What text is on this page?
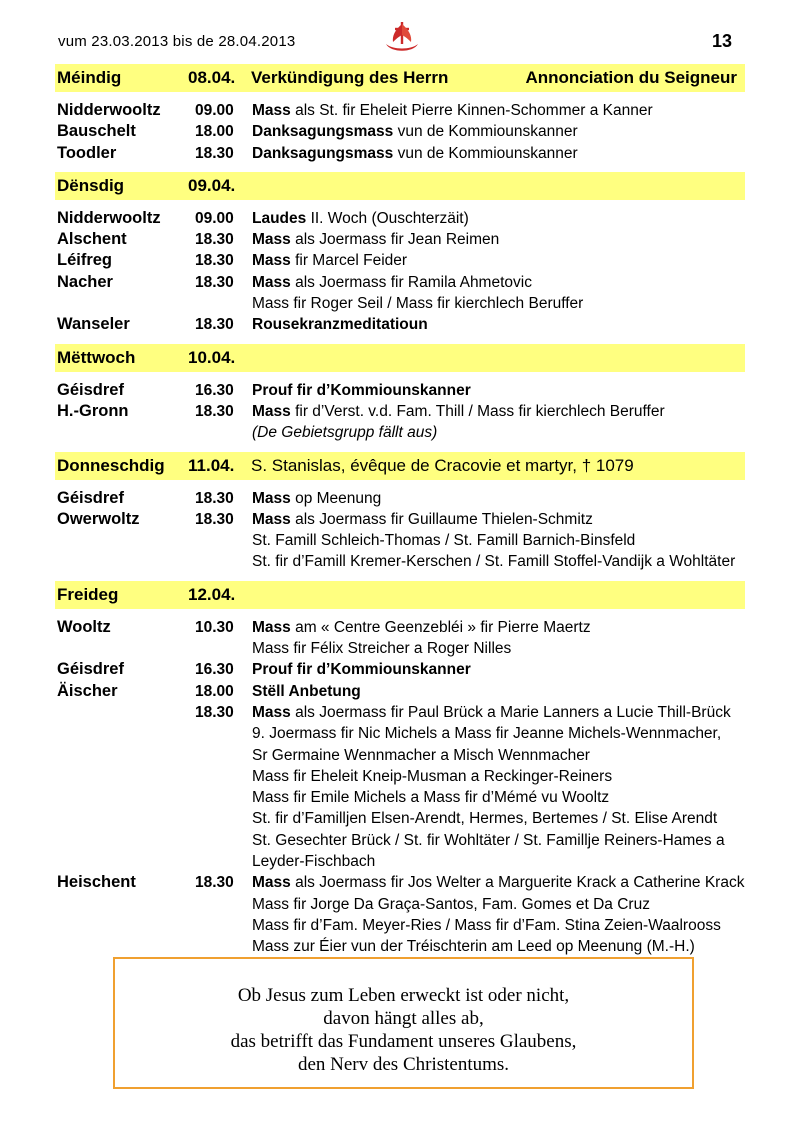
vum 23.03.2013 bis de 28.04.2013	13
Méindig	08.04. Verkündigung des Herrn	Annonciation du Seigneur
Nidderwooltz 09.00 Mass als St. fir Eheleit Pierre Kinnen-Schommer a Kanner
Bauschelt	18.00 Danksagungsmass vun de Kommiounskanner
Toodler	18.30 Danksagungsmass vun de Kommiounskanner
Dënsdig	09.04.
Nidderwooltz 09.00 Laudes II. Woch (Ouschterzäit)
Alschent	18.30 Mass als Joermass fir Jean Reimen
Léifreg	18.30 Mass fir Marcel Feider
Nacher	18.30 Mass als Joermass fir Ramila Ahmetovic
Mass fir Roger Seil / Mass fir kierchlech Beruffer
Wanseler	18.30 Rousekranzmeditatioun
Mëttwoch	10.04.
Géisdref	16.30 Prouf fir d’Kommiounskanner
H.-Gronn	18.30 Mass fir d’Verst. v.d. Fam. Thill / Mass fir kierchlech Beruffer
(De Gebietsgrupp fällt aus)
Donneschdig 11.04. S. Stanislas, évêque de Cracovie et martyr, † 1079
Géisdref	18.30 Mass op Meenung
Owerwoltz	18.30 Mass als Joermass fir Guillaume Thielen-Schmitz
St. Famill Schleich-Thomas / St. Famill Barnich-Binsfeld
St. fir d’Famill Kremer-Kerschen / St. Famill Stoffel-Vandijk a Wohltäter
Freideg	12.04.
Wooltz	10.30 Mass am « Centre Geenzebléi » fir Pierre Maertz
Mass fir Félix Streicher a Roger Nilles
Géisdref	16.30 Prouf fir d’Kommiounskanner
Äischer	18.00 Stëll Anbetung
18.30 Mass als Joermass fir Paul Brück a Marie Lanners a Lucie Thill-Brück
9. Joermass fir Nic Michels a Mass fir Jeanne Michels-Wennmacher,
Sr Germaine Wennmacher a Misch Wennmacher
Mass fir Eheleit Kneip-Musman a Reckinger-Reiners
Mass fir Emile Michels a Mass fir d’Mémé vu Wooltz
St. fir d’Familljen Elsen-Arendt, Hermes, Bertemes / St. Elise Arendt
St. Gesechter Brück / St. fir Wohltäter / St. Famillje Reiners-Hames a
Leyder-Fischbach
Heischent	18.30 Mass als Joermass fir Jos Welter a Marguerite Krack a Catherine Krack
Mass fir Jorge Da Graça-Santos, Fam. Gomes et Da Cruz
Mass fir d’Fam. Meyer-Ries / Mass fir d’Fam. Stina Zeien-Waalrooss
Mass zur Éier vun der Tréischterin am Leed op Meenung (M.-H.)
Ob Jesus zum Leben erweckt ist oder nicht,
davon hängt alles ab,
das betrifft das Fundament unseres Glaubens,
den Nerv des Christentums.
